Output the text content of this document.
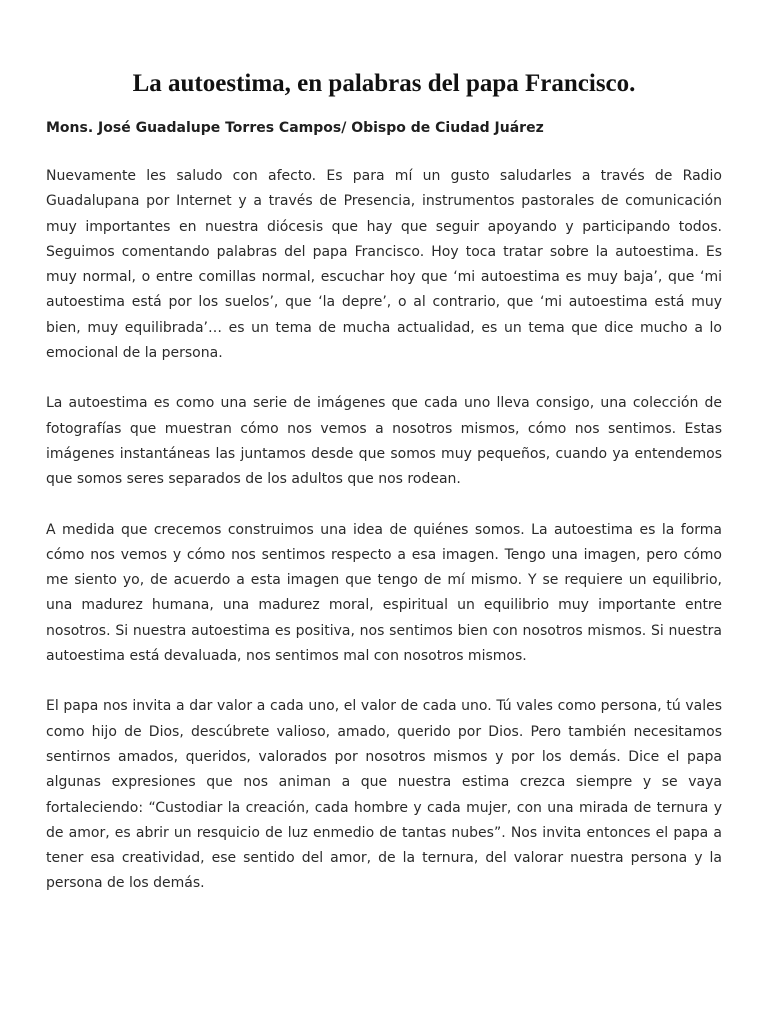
La autoestima, en palabras del papa Francisco.
Mons. José Guadalupe Torres Campos/ Obispo de Ciudad Juárez

Nuevamente les saludo con afecto. Es para mí un gusto saludarles a través de Radio Guadalupana por Internet y a través de Presencia, instrumentos pastorales de comunicación muy importantes en nuestra diócesis que hay que seguir apoyando y participando todos. Seguimos comentando palabras del papa Francisco. Hoy toca tratar sobre la autoestima. Es muy normal, o entre comillas normal, escuchar hoy que ‘mi autoestima es muy baja’, que ‘mi autoestima está por los suelos’, que ‘la depre’, o al contrario, que ‘mi autoestima está muy bien, muy equilibrada’… es un tema de mucha actualidad, es un tema que dice mucho a lo emocional de la persona.

La autoestima es como una serie de imágenes que cada uno lleva consigo, una colección de fotografías que muestran cómo nos vemos a nosotros mismos, cómo nos sentimos. Estas imágenes instantáneas las juntamos desde que somos muy pequeños, cuando ya entendemos que somos seres separados de los adultos que nos rodean.

A medida que crecemos construimos una idea de quiénes somos. La autoestima es la forma cómo nos vemos y cómo nos sentimos respecto a esa imagen. Tengo una imagen, pero cómo me siento yo, de acuerdo a esta imagen que tengo de mí mismo. Y se requiere un equilibrio, una madurez humana, una madurez moral, espiritual un equilibrio muy importante entre nosotros. Si nuestra autoestima es positiva, nos sentimos bien con nosotros mismos. Si nuestra autoestima está devaluada, nos sentimos mal con nosotros mismos.

El papa nos invita a dar valor a cada uno, el valor de cada uno. Tú vales como persona, tú vales como hijo de Dios, descúbrete valioso, amado, querido por Dios. Pero también necesitamos sentirnos amados, queridos, valorados por nosotros mismos y por los demás. Dice el papa algunas expresiones que nos animan a que nuestra estima crezca siempre y se vaya fortaleciendo: “Custodiar la creación, cada hombre y cada mujer, con una mirada de ternura y de amor, es abrir un resquicio de luz enmedio de tantas nubes”. Nos invita entonces el papa a tener esa creatividad, ese sentido del amor, de la ternura, del valorar nuestra persona y la persona de los demás.
